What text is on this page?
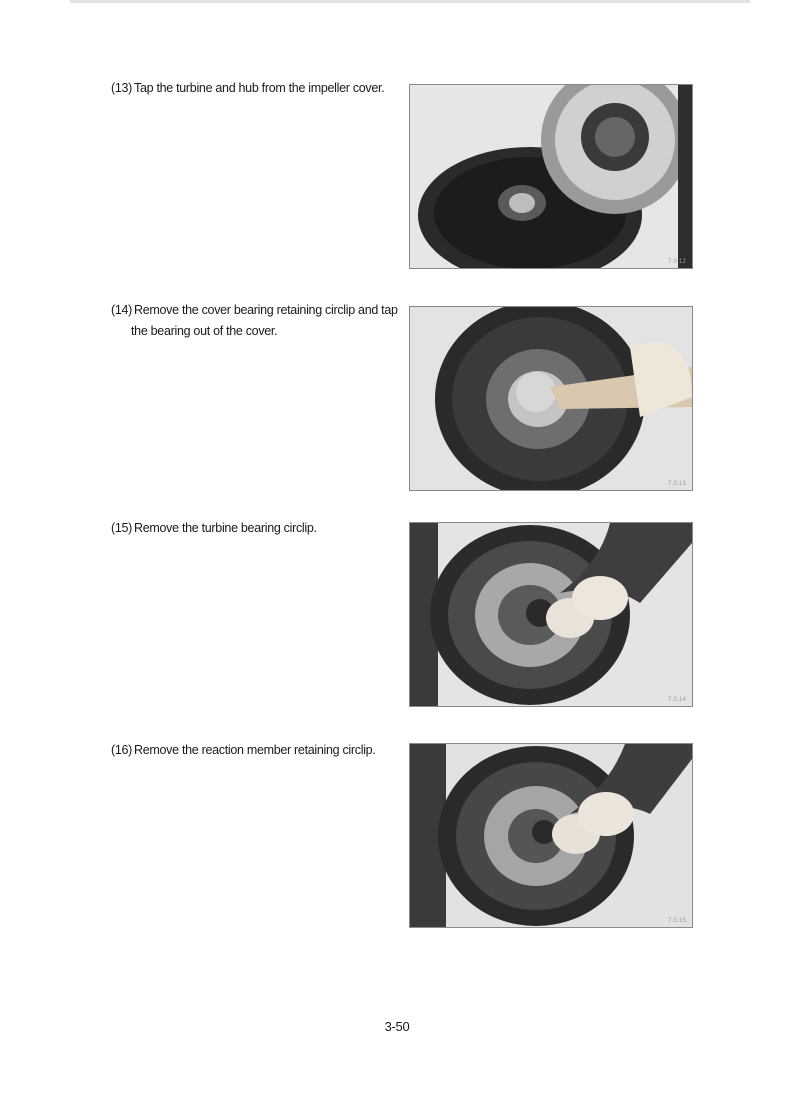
(13) Tap the turbine and hub from the impeller cover.
7.0.12
(14) Remove the cover bearing retaining circlip and tap the bearing out of the cover.
7.0.13
(15) Remove the turbine bearing circlip.
7.0.14
(16) Remove the reaction member retaining circlip.
7.0.15
3-50
